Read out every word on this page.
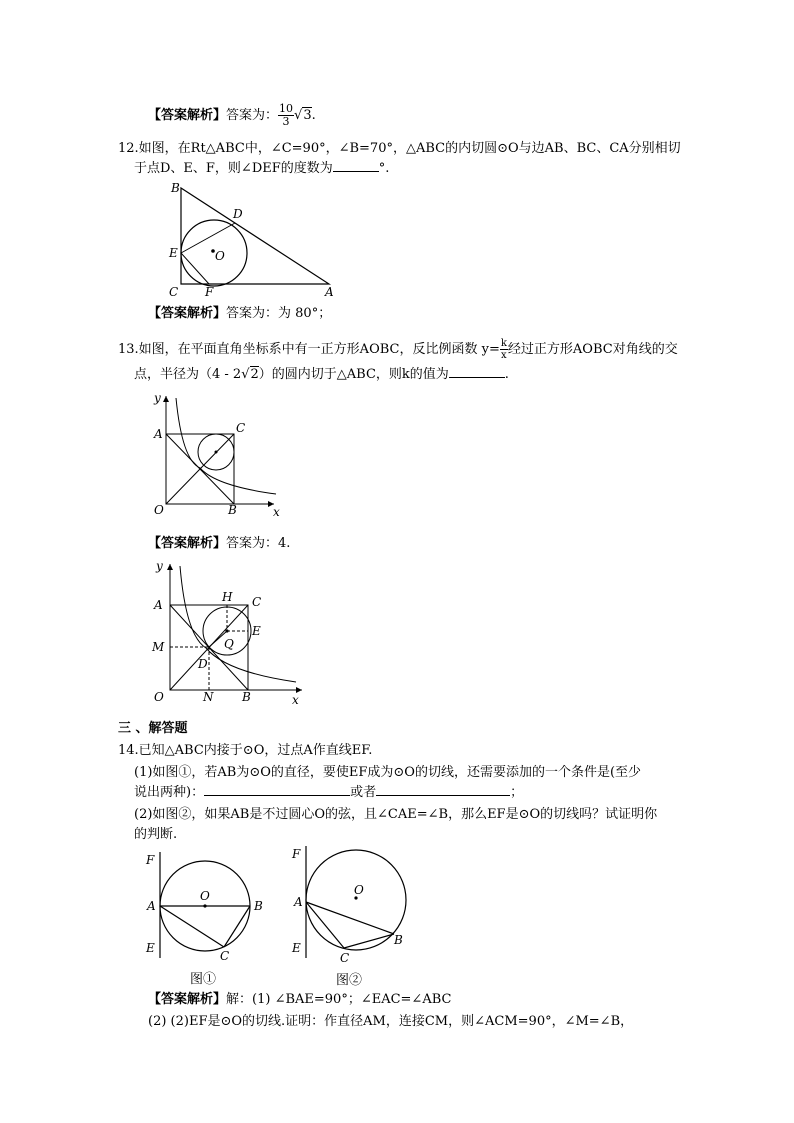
【答案解析】答案为： $\frac{10}{3} √3$.
12.如图，在Rt△ABC中，∠C=90°，∠B=70°，△ABC的内切圆⊙O与边AB、BC、CA分别相切
于点D、E、F，则∠DEF的度数为	°.
B
D
E	O
C F	A
【答案解析】答案为：为 80°；
13.如图，在平面直角坐标系中有一正方形AOBC，反比例函数 $y= \frac{k}{x}$ 经过正方形AOBC对角线的交
点，半径为（4 - 2√2）的圆内切于△ABC，则k的值为	.
y
A	C
O	B	x
【答案解析】答案为：4.
y
A
H C
E
Q
M
D
O	N B	x
三 、解答题
14.已知△ABC内接于⊙O，过点A作直线EF.
(1)如图①，若AB为⊙O的直径，要使EF成为⊙O的切线，还需要添加的一个条件是(至少
说出两种)：	或者	；
(2)如图②，如果AB是不过圆心O的弦，且∠CAE=∠B，那么EF是⊙O的切线吗？试证明你
的判断.
F
O
A	B
E
C
图①
F
O
A
B
E
C
图②
【答案解析】解：(1) ∠BAE=90°；∠EAC=∠ABC
(2) (2)EF是⊙O的切线.证明：作直径AM，连接CM，则∠ACM=90°，∠M=∠B，
